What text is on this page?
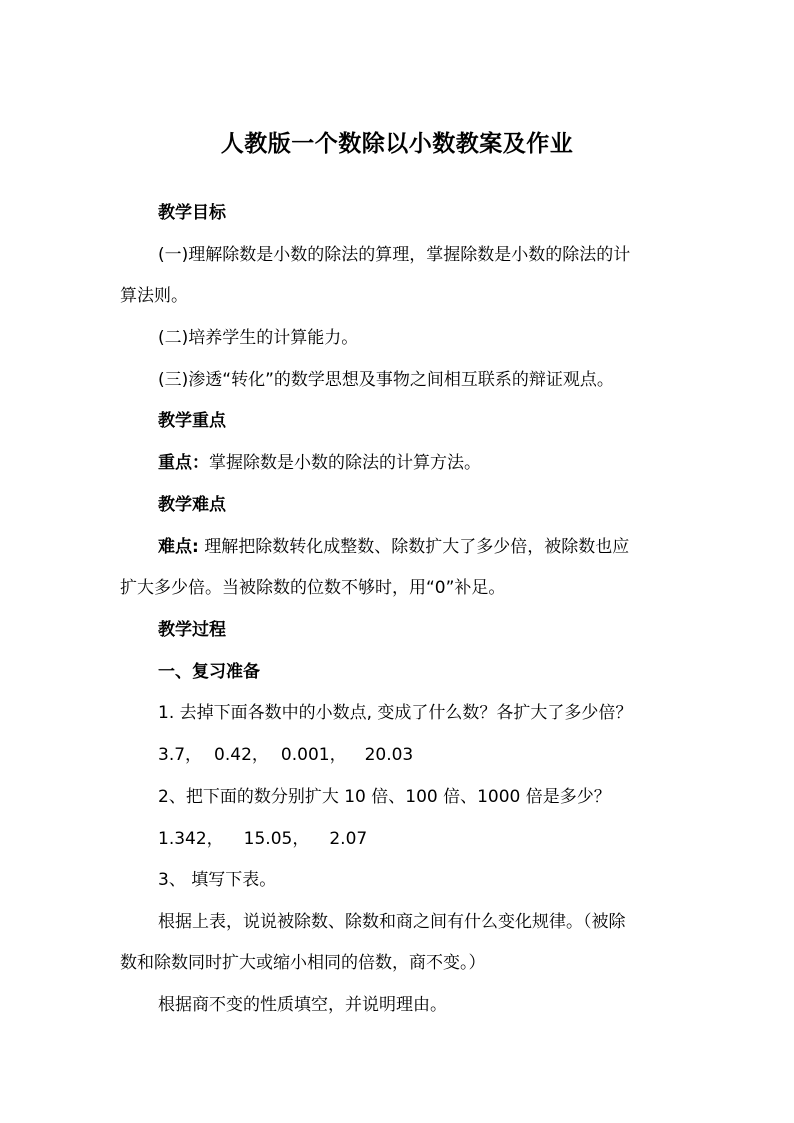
人教版一个数除以小数教案及作业
教学目标
(一)理解除数是小数的除法的算理，掌握除数是小数的除法的计
算法则。
(二)培养学生的计算能力。
(三)渗透“转化”的数学思想及事物之间相互联系的辩证观点。
教学重点
重点：掌握除数是小数的除法的计算方法。
教学难点
难点: 理解把除数转化成整数、除数扩大了多少倍，被除数也应
扩大多少倍。当被除数的位数不够时，用“0”补足。
教学过程
一、复习准备
1. 去掉下面各数中的小数点, 变成了什么数？各扩大了多少倍？
3.7， 0.42， 0.001， 20.03
2、把下面的数分别扩大 10 倍、100 倍、1000 倍是多少？
1.342， 15.05， 2.07
3、 填写下表。
根据上表，说说被除数、除数和商之间有什么变化规律。（被除
数和除数同时扩大或缩小相同的倍数，商不变。）
根据商不变的性质填空，并说明理由。
